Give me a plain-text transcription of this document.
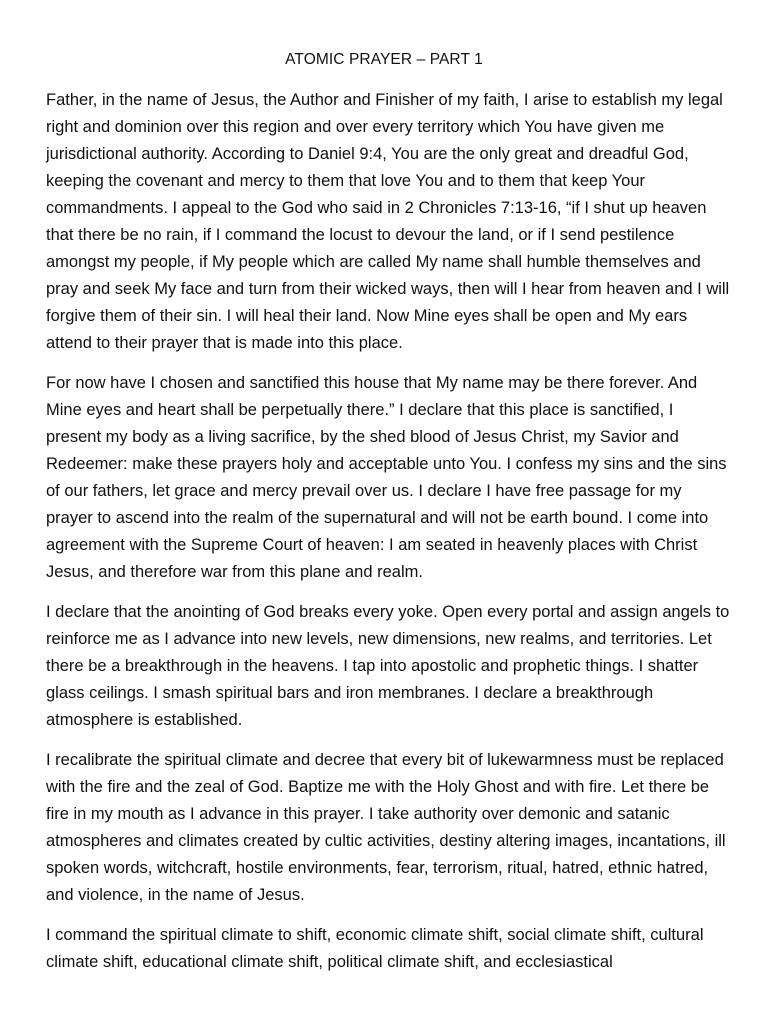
ATOMIC PRAYER – PART 1

Father, in the name of Jesus, the Author and Finisher of my faith, I arise to establish my legal right and dominion over this region and over every territory which You have given me jurisdictional authority. According to Daniel 9:4, You are the only great and dreadful God, keeping the covenant and mercy to them that love You and to them that keep Your commandments. I appeal to the God who said in 2 Chronicles 7:13-16, “if I shut up heaven that there be no rain, if I command the locust to devour the land, or if I send pestilence amongst my people, if My people which are called My name shall humble themselves and pray and seek My face and turn from their wicked ways, then will I hear from heaven and I will forgive them of their sin. I will heal their land. Now Mine eyes shall be open and My ears attend to their prayer that is made into this place.

For now have I chosen and sanctified this house that My name may be there forever. And Mine eyes and heart shall be perpetually there.” I declare that this place is sanctified, I present my body as a living sacrifice, by the shed blood of Jesus Christ, my Savior and Redeemer: make these prayers holy and acceptable unto You. I confess my sins and the sins of our fathers, let grace and mercy prevail over us. I declare I have free passage for my prayer to ascend into the realm of the supernatural and will not be earth bound. I come into agreement with the Supreme Court of heaven: I am seated in heavenly places with Christ Jesus, and therefore war from this plane and realm.

I declare that the anointing of God breaks every yoke. Open every portal and assign angels to reinforce me as I advance into new levels, new dimensions, new realms, and territories. Let there be a breakthrough in the heavens. I tap into apostolic and prophetic things. I shatter glass ceilings. I smash spiritual bars and iron membranes. I declare a breakthrough atmosphere is established.

I recalibrate the spiritual climate and decree that every bit of lukewarmness must be replaced with the fire and the zeal of God. Baptize me with the Holy Ghost and with fire. Let there be fire in my mouth as I advance in this prayer. I take authority over demonic and satanic atmospheres and climates created by cultic activities, destiny altering images, incantations, ill spoken words, witchcraft, hostile environments, fear, terrorism, ritual, hatred, ethnic hatred, and violence, in the name of Jesus.

I command the spiritual climate to shift, economic climate shift, social climate shift, cultural climate shift, educational climate shift, political climate shift, and ecclesiastical
